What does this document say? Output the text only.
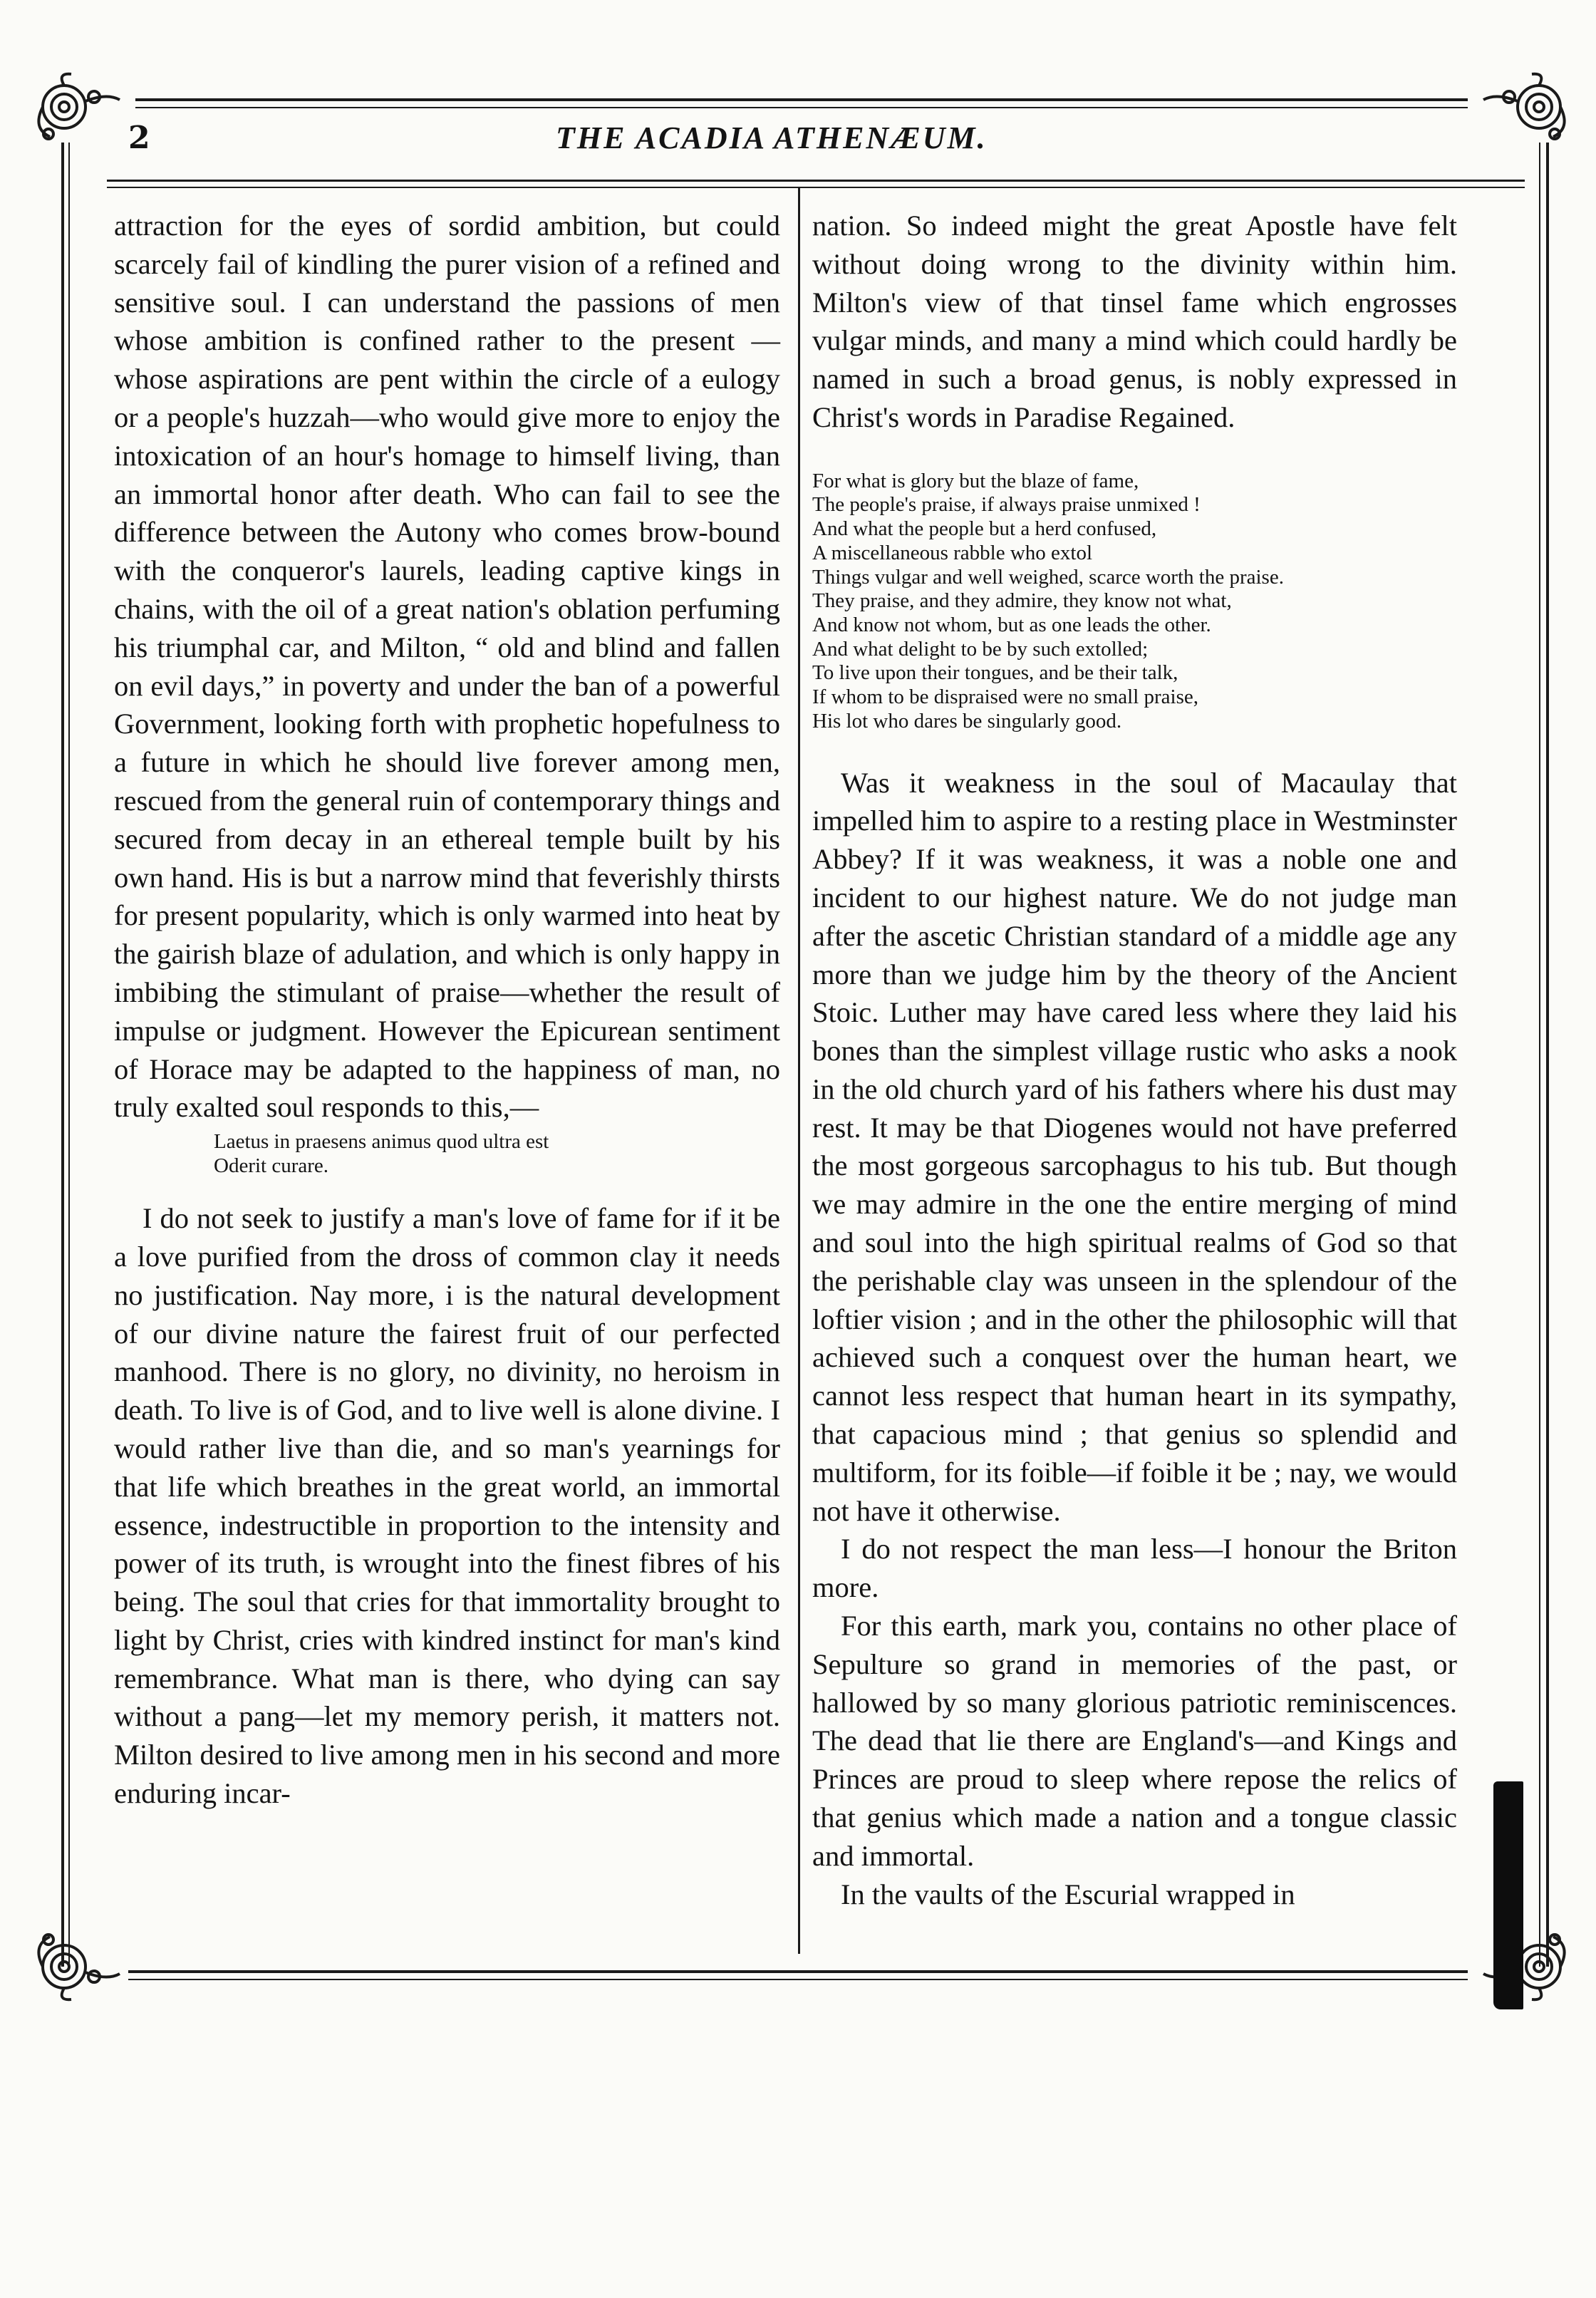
2	THE ACADIA ATHENÆUM.

attraction for the eyes of sordid ambition, but could scarcely fail of kindling the purer vision of a refined and sensitive soul. I can understand the passions of men whose ambition is confined rather to the present — whose aspirations are pent within the circle of a eulogy or a people's huzzah—who would give more to enjoy the intoxication of an hour's homage to himself living, than an immortal honor after death. Who can fail to see the difference between the Autony who comes brow-bound with the conqueror's laurels, leading captive kings in chains, with the oil of a great nation's oblation perfuming his triumphal car, and Milton, “ old and blind and fallen on evil days,” in poverty and under the ban of a powerful Government, looking forth with prophetic hopefulness to a future in which he should live forever among men, rescued from the general ruin of contemporary things and secured from decay in an ethereal temple built by his own hand. His is but a narrow mind that feverishly thirsts for present popularity, which is only warmed into heat by the gairish blaze of adulation, and which is only happy in imbibing the stimulant of praise—whether the result of impulse or judgment. However the Epicurean sentiment of Horace may be adapted to the happiness of man, no truly exalted soul responds to this,—

Laetus in praesens animus quod ultra est
Oderit curare.

I do not seek to justify a man's love of fame for if it be a love purified from the dross of common clay it needs no justification. Nay more, i is the natural development of our divine nature the fairest fruit of our perfected manhood. There is no glory, no divinity, no heroism in death. To live is of God, and to live well is alone divine. I would rather live than die, and so man's yearnings for that life which breathes in the great world, an immortal essence, indestructible in proportion to the intensity and power of its truth, is wrought into the finest fibres of his being. The soul that cries for that immortality brought to light by Christ, cries with kindred instinct for man's kind remembrance. What man is there, who dying can say without a pang—let my memory perish, it matters not. Milton desired to live among men in his second and more enduring incar-

nation. So indeed might the great Apostle have felt without doing wrong to the divinity within him. Milton's view of that tinsel fame which engrosses vulgar minds, and many a mind which could hardly be named in such a broad genus, is nobly expressed in Christ's words in Paradise Regained.

For what is glory but the blaze of fame,
The people's praise, if always praise unmixed !
And what the people but a herd confused,
A miscellaneous rabble who extol
Things vulgar and well weighed, scarce worth the praise.
They praise, and they admire, they know not what,
And know not whom, but as one leads the other.
And what delight to be by such extolled;
To live upon their tongues, and be their talk,
If whom to be dispraised were no small praise,
His lot who dares be singularly good.

Was it weakness in the soul of Macaulay that impelled him to aspire to a resting place in Westminster Abbey? If it was weakness, it was a noble one and incident to our highest nature. We do not judge man after the ascetic Christian standard of a middle age any more than we judge him by the theory of the Ancient Stoic. Luther may have cared less where they laid his bones than the simplest village rustic who asks a nook in the old church yard of his fathers where his dust may rest. It may be that Diogenes would not have preferred the most gorgeous sarcophagus to his tub. But though we may admire in the one the entire merging of mind and soul into the high spiritual realms of God so that the perishable clay was unseen in the splendour of the loftier vision ; and in the other the philosophic will that achieved such a conquest over the human heart, we cannot less respect that human heart in its sympathy, that capacious mind ; that genius so splendid and multiform, for its foible—if foible it be ; nay, we would not have it otherwise.

I do not respect the man less—I honour the Briton more.

For this earth, mark you, contains no other place of Sepulture so grand in memories of the past, or hallowed by so many glorious patriotic reminiscences. The dead that lie there are England's—and Kings and Princes are proud to sleep where repose the relics of that genius which made a nation and a tongue classic and immortal.

In the vaults of the Escurial wrapped in
